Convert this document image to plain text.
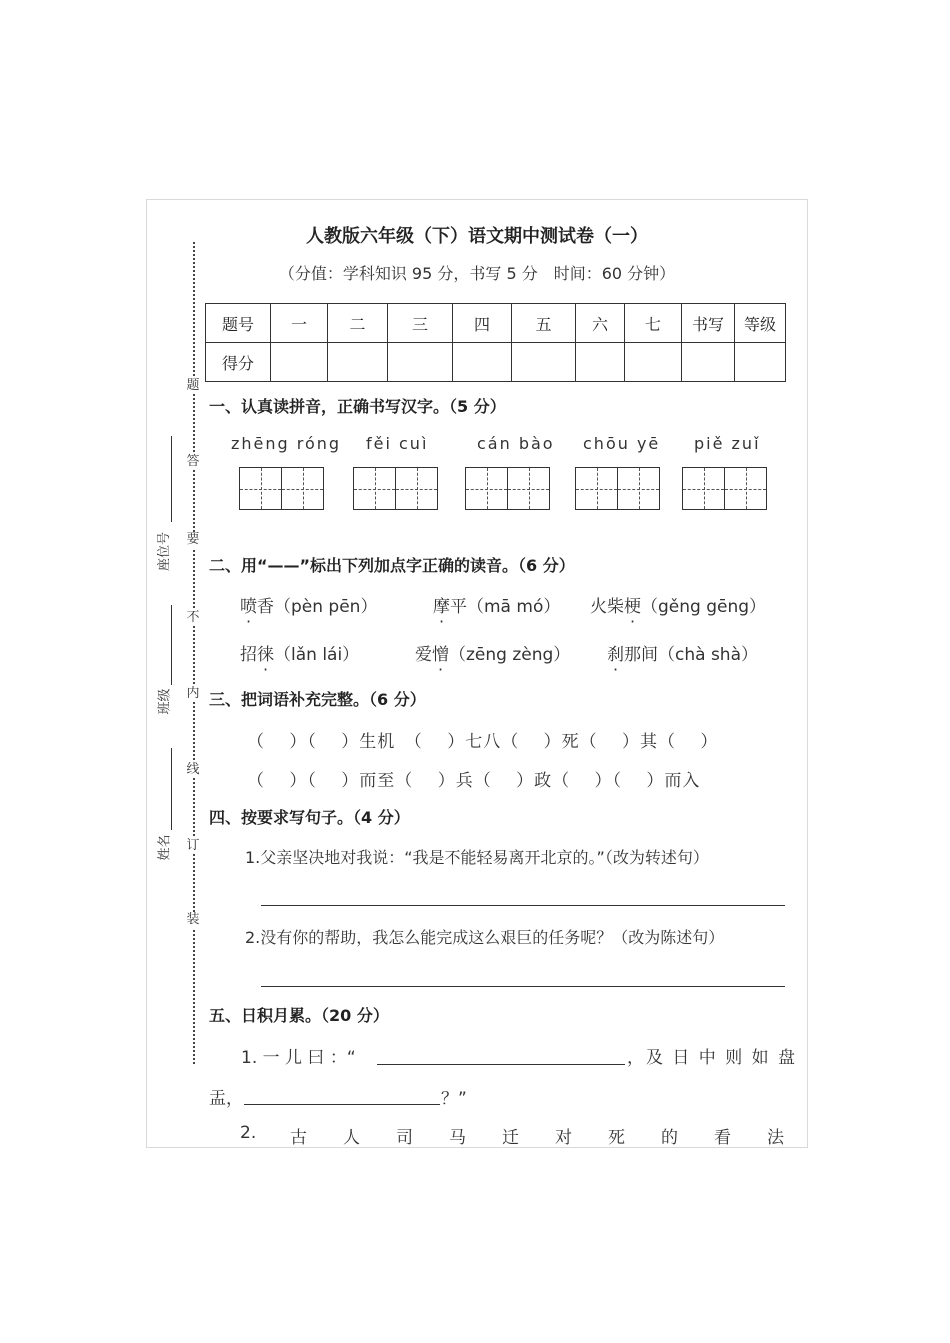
人教版六年级（下）语文期中测试卷（一）
（分值：学科知识 95 分，书写 5 分　时间：60 分钟）
题
答
要
不
内
线
订
装
座位号
班级
姓名
题号	一	二	三	四	五	六	七	书写	等级
得分									
一、认真读拼音，正确书写汉字。（5 分）
zhēng róng fěi cuì	cán bào chōu yē piě zuǐ
二、用“——”标出下列加点字正确的读音。（6 分）
喷香（pèn pēn）	摩平（mā mó） 火柴梗（gěng gēng）
招徕（lǎn lái）	爱憎（zēng zèng） 刹那间（chà shà）
三、把词语补充完整。（6 分）
（　 ）（　 ）生机　（　 ）七八（　 ）死（　 ）其（　 ）
（　 ）（　 ）而至（　 ）兵（　 ）政（　 ）（　 ）而入
四、按要求写句子。（4 分）
1.父亲坚决地对我说：“我是不能轻易离开北京的。”（改为转述句）
2.没有你的帮助，我怎么能完成这么艰巨的任务呢？（改为陈述句）
五、日积月累。（20 分）
1. 一 儿 曰 ：“	，及 日 中 则 如 盘
盂，	？”
2. 古 人 司 马 迁 对 死 的 看 法
